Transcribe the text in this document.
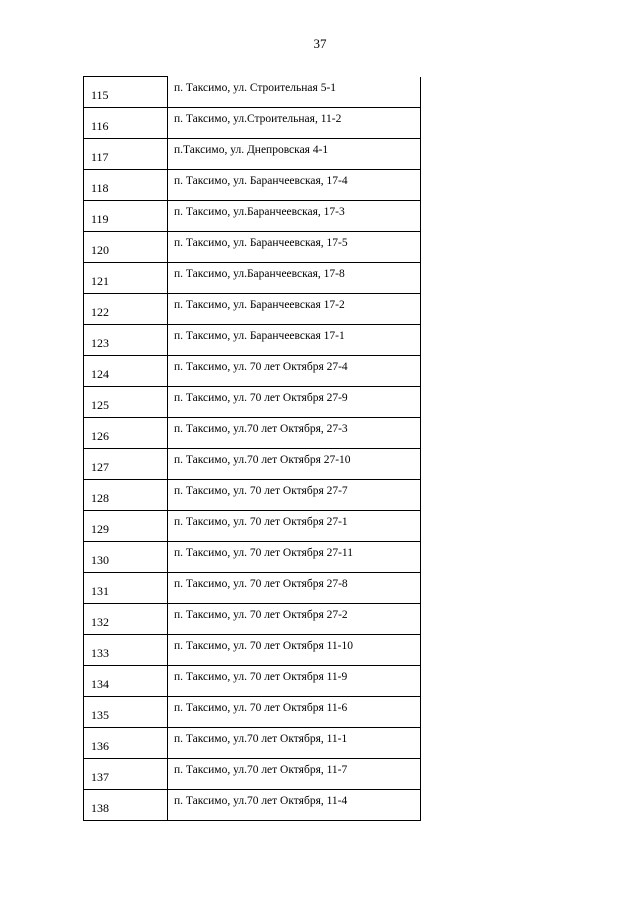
37
115	п. Таксимо, ул. Строительная 5-1
116	п. Таксимо, ул.Строительная, 11-2
117	п.Таксимо, ул. Днепровская 4-1
118	п. Таксимо, ул. Баранчеевская, 17-4
119	п. Таксимо, ул.Баранчеевская, 17-3
120	п. Таксимо, ул. Баранчеевская, 17-5
121	п. Таксимо, ул.Баранчеевская, 17-8
122	п. Таксимо, ул. Баранчеевская 17-2
123	п. Таксимо, ул. Баранчеевская 17-1
124	п. Таксимо, ул. 70 лет Октября 27-4
125	п. Таксимо, ул. 70 лет Октября 27-9
126	п. Таксимо, ул.70 лет Октября, 27-3
127	п. Таксимо, ул.70 лет Октября 27-10
128	п. Таксимо, ул. 70 лет Октября 27-7
129	п. Таксимо, ул. 70 лет Октября 27-1
130	п. Таксимо, ул. 70 лет Октября 27-11
131	п. Таксимо, ул. 70 лет Октября 27-8
132	п. Таксимо, ул. 70 лет Октября 27-2
133	п. Таксимо, ул. 70 лет Октября 11-10
134	п. Таксимо, ул. 70 лет Октября 11-9
135	п. Таксимо, ул. 70 лет Октября 11-6
136	п. Таксимо, ул.70 лет Октября, 11-1
137	п. Таксимо, ул.70 лет Октября, 11-7
138	п. Таксимо, ул.70 лет Октября, 11-4
